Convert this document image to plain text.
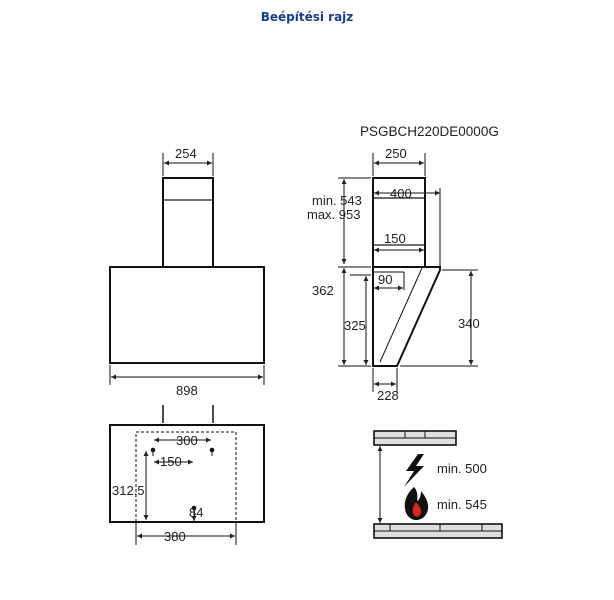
Beépítési rajz
254
898
300
150
312,5
84
380
PSGBCH220DE0000G
250
400
min. 543
max. 953
150
90
362
325	340
228
min. 500
min. 545
